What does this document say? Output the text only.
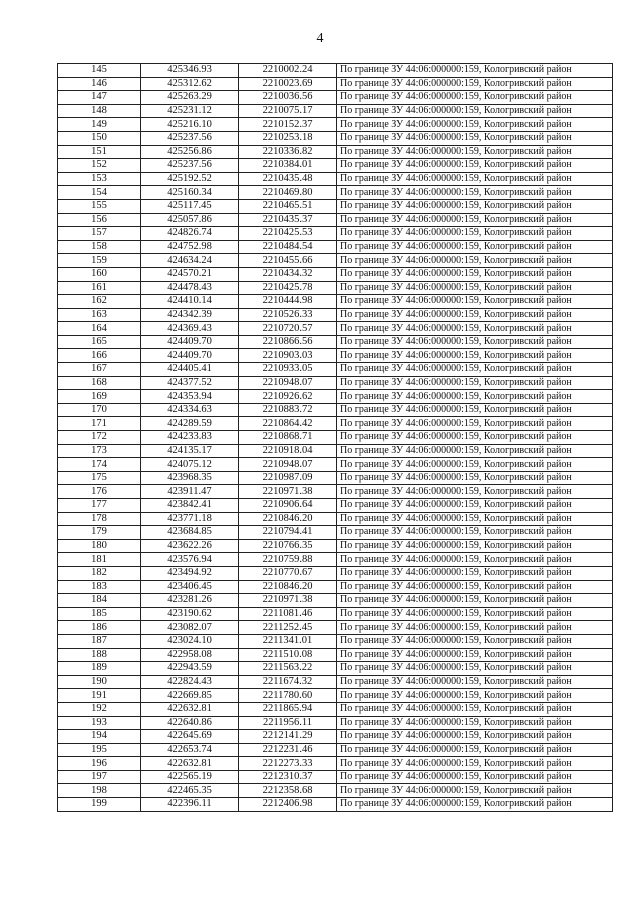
4
145	425346.93	2210002.24	По границе ЗУ 44:06:000000:159, Кологривский район
146	425312.62	2210023.69	По границе ЗУ 44:06:000000:159, Кологривский район
147	425263.29	2210036.56	По границе ЗУ 44:06:000000:159, Кологривский район
148	425231.12	2210075.17	По границе ЗУ 44:06:000000:159, Кологривский район
149	425216.10	2210152.37	По границе ЗУ 44:06:000000:159, Кологривский район
150	425237.56	2210253.18	По границе ЗУ 44:06:000000:159, Кологривский район
151	425256.86	2210336.82	По границе ЗУ 44:06:000000:159, Кологривский район
152	425237.56	2210384.01	По границе ЗУ 44:06:000000:159, Кологривский район
153	425192.52	2210435.48	По границе ЗУ 44:06:000000:159, Кологривский район
154	425160.34	2210469.80	По границе ЗУ 44:06:000000:159, Кологривский район
155	425117.45	2210465.51	По границе ЗУ 44:06:000000:159, Кологривский район
156	425057.86	2210435.37	По границе ЗУ 44:06:000000:159, Кологривский район
157	424826.74	2210425.53	По границе ЗУ 44:06:000000:159, Кологривский район
158	424752.98	2210484.54	По границе ЗУ 44:06:000000:159, Кологривский район
159	424634.24	2210455.66	По границе ЗУ 44:06:000000:159, Кологривский район
160	424570.21	2210434.32	По границе ЗУ 44:06:000000:159, Кологривский район
161	424478.43	2210425.78	По границе ЗУ 44:06:000000:159, Кологривский район
162	424410.14	2210444.98	По границе ЗУ 44:06:000000:159, Кологривский район
163	424342.39	2210526.33	По границе ЗУ 44:06:000000:159, Кологривский район
164	424369.43	2210720.57	По границе ЗУ 44:06:000000:159, Кологривский район
165	424409.70	2210866.56	По границе ЗУ 44:06:000000:159, Кологривский район
166	424409.70	2210903.03	По границе ЗУ 44:06:000000:159, Кологривский район
167	424405.41	2210933.05	По границе ЗУ 44:06:000000:159, Кологривский район
168	424377.52	2210948.07	По границе ЗУ 44:06:000000:159, Кологривский район
169	424353.94	2210926.62	По границе ЗУ 44:06:000000:159, Кологривский район
170	424334.63	2210883.72	По границе ЗУ 44:06:000000:159, Кологривский район
171	424289.59	2210864.42	По границе ЗУ 44:06:000000:159, Кологривский район
172	424233.83	2210868.71	По границе ЗУ 44:06:000000:159, Кологривский район
173	424135.17	2210918.04	По границе ЗУ 44:06:000000:159, Кологривский район
174	424075.12	2210948.07	По границе ЗУ 44:06:000000:159, Кологривский район
175	423968.35	2210987.09	По границе ЗУ 44:06:000000:159, Кологривский район
176	423911.47	2210971.38	По границе ЗУ 44:06:000000:159, Кологривский район
177	423842.41	2210906.64	По границе ЗУ 44:06:000000:159, Кологривский район
178	423771.18	2210846.20	По границе ЗУ 44:06:000000:159, Кологривский район
179	423684.85	2210794.41	По границе ЗУ 44:06:000000:159, Кологривский район
180	423622.26	2210766.35	По границе ЗУ 44:06:000000:159, Кологривский район
181	423576.94	2210759.88	По границе ЗУ 44:06:000000:159, Кологривский район
182	423494.92	2210770.67	По границе ЗУ 44:06:000000:159, Кологривский район
183	423406.45	2210846.20	По границе ЗУ 44:06:000000:159, Кологривский район
184	423281.26	2210971.38	По границе ЗУ 44:06:000000:159, Кологривский район
185	423190.62	2211081.46	По границе ЗУ 44:06:000000:159, Кологривский район
186	423082.07	2211252.45	По границе ЗУ 44:06:000000:159, Кологривский район
187	423024.10	2211341.01	По границе ЗУ 44:06:000000:159, Кологривский район
188	422958.08	2211510.08	По границе ЗУ 44:06:000000:159, Кологривский район
189	422943.59	2211563.22	По границе ЗУ 44:06:000000:159, Кологривский район
190	422824.43	2211674.32	По границе ЗУ 44:06:000000:159, Кологривский район
191	422669.85	2211780.60	По границе ЗУ 44:06:000000:159, Кологривский район
192	422632.81	2211865.94	По границе ЗУ 44:06:000000:159, Кологривский район
193	422640.86	2211956.11	По границе ЗУ 44:06:000000:159, Кологривский район
194	422645.69	2212141.29	По границе ЗУ 44:06:000000:159, Кологривский район
195	422653.74	2212231.46	По границе ЗУ 44:06:000000:159, Кологривский район
196	422632.81	2212273.33	По границе ЗУ 44:06:000000:159, Кологривский район
197	422565.19	2212310.37	По границе ЗУ 44:06:000000:159, Кологривский район
198	422465.35	2212358.68	По границе ЗУ 44:06:000000:159, Кологривский район
199	422396.11	2212406.98	По границе ЗУ 44:06:000000:159, Кологривский район
